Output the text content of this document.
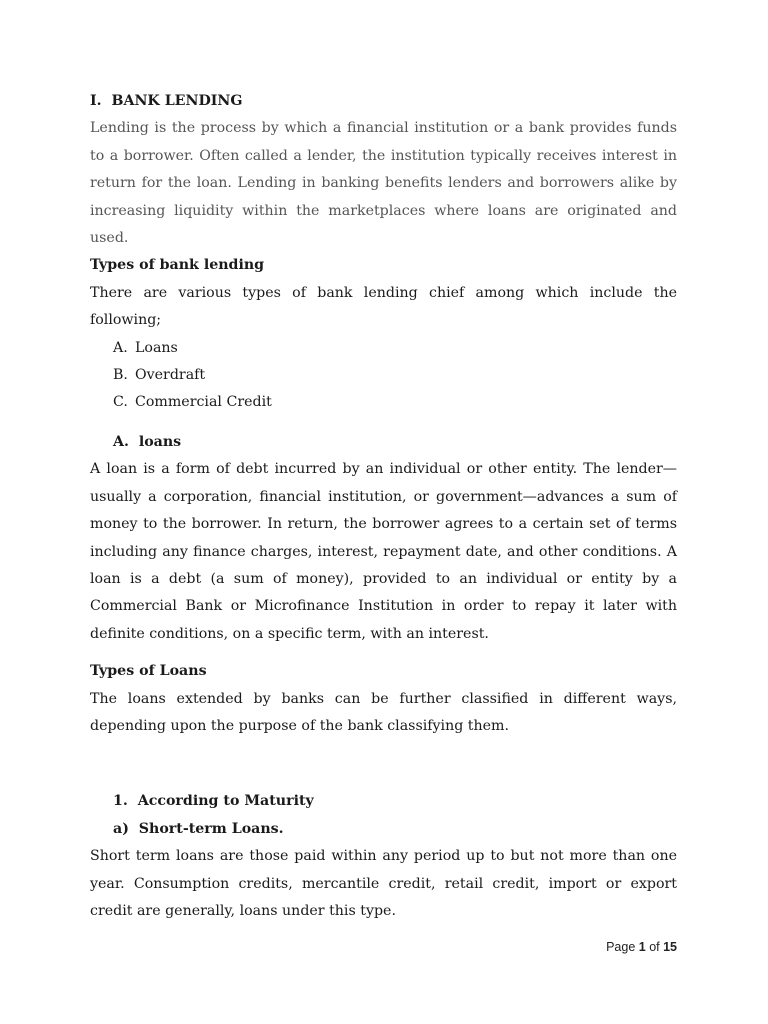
I.  BANK LENDING

Lending is the process by which a financial institution or a bank provides funds to a borrower. Often called a lender, the institution typically receives interest in return for the loan. Lending in banking benefits lenders and borrowers alike by increasing liquidity within the marketplaces where loans are originated and used.

Types of bank lending

There are various types of bank lending chief among which include the following;

A. Loans
B. Overdraft
C. Commercial Credit

A.  loans

A loan is a form of debt incurred by an individual or other entity. The lender—usually a corporation, financial institution, or government—advances a sum of money to the borrower. In return, the borrower agrees to a certain set of terms including any finance charges, interest, repayment date, and other conditions. A loan is a debt (a sum of money), provided to an individual or entity by a Commercial Bank or Microfinance Institution in order to repay it later with definite conditions, on a specific term, with an interest.

Types of Loans

The loans extended by banks can be further classified in different ways, depending upon the purpose of the bank classifying them.

1.  According to Maturity

a)  Short-term Loans.

Short term loans are those paid within any period up to but not more than one year. Consumption credits, mercantile credit, retail credit, import or export credit are generally, loans under this type.

Page 1 of 15
